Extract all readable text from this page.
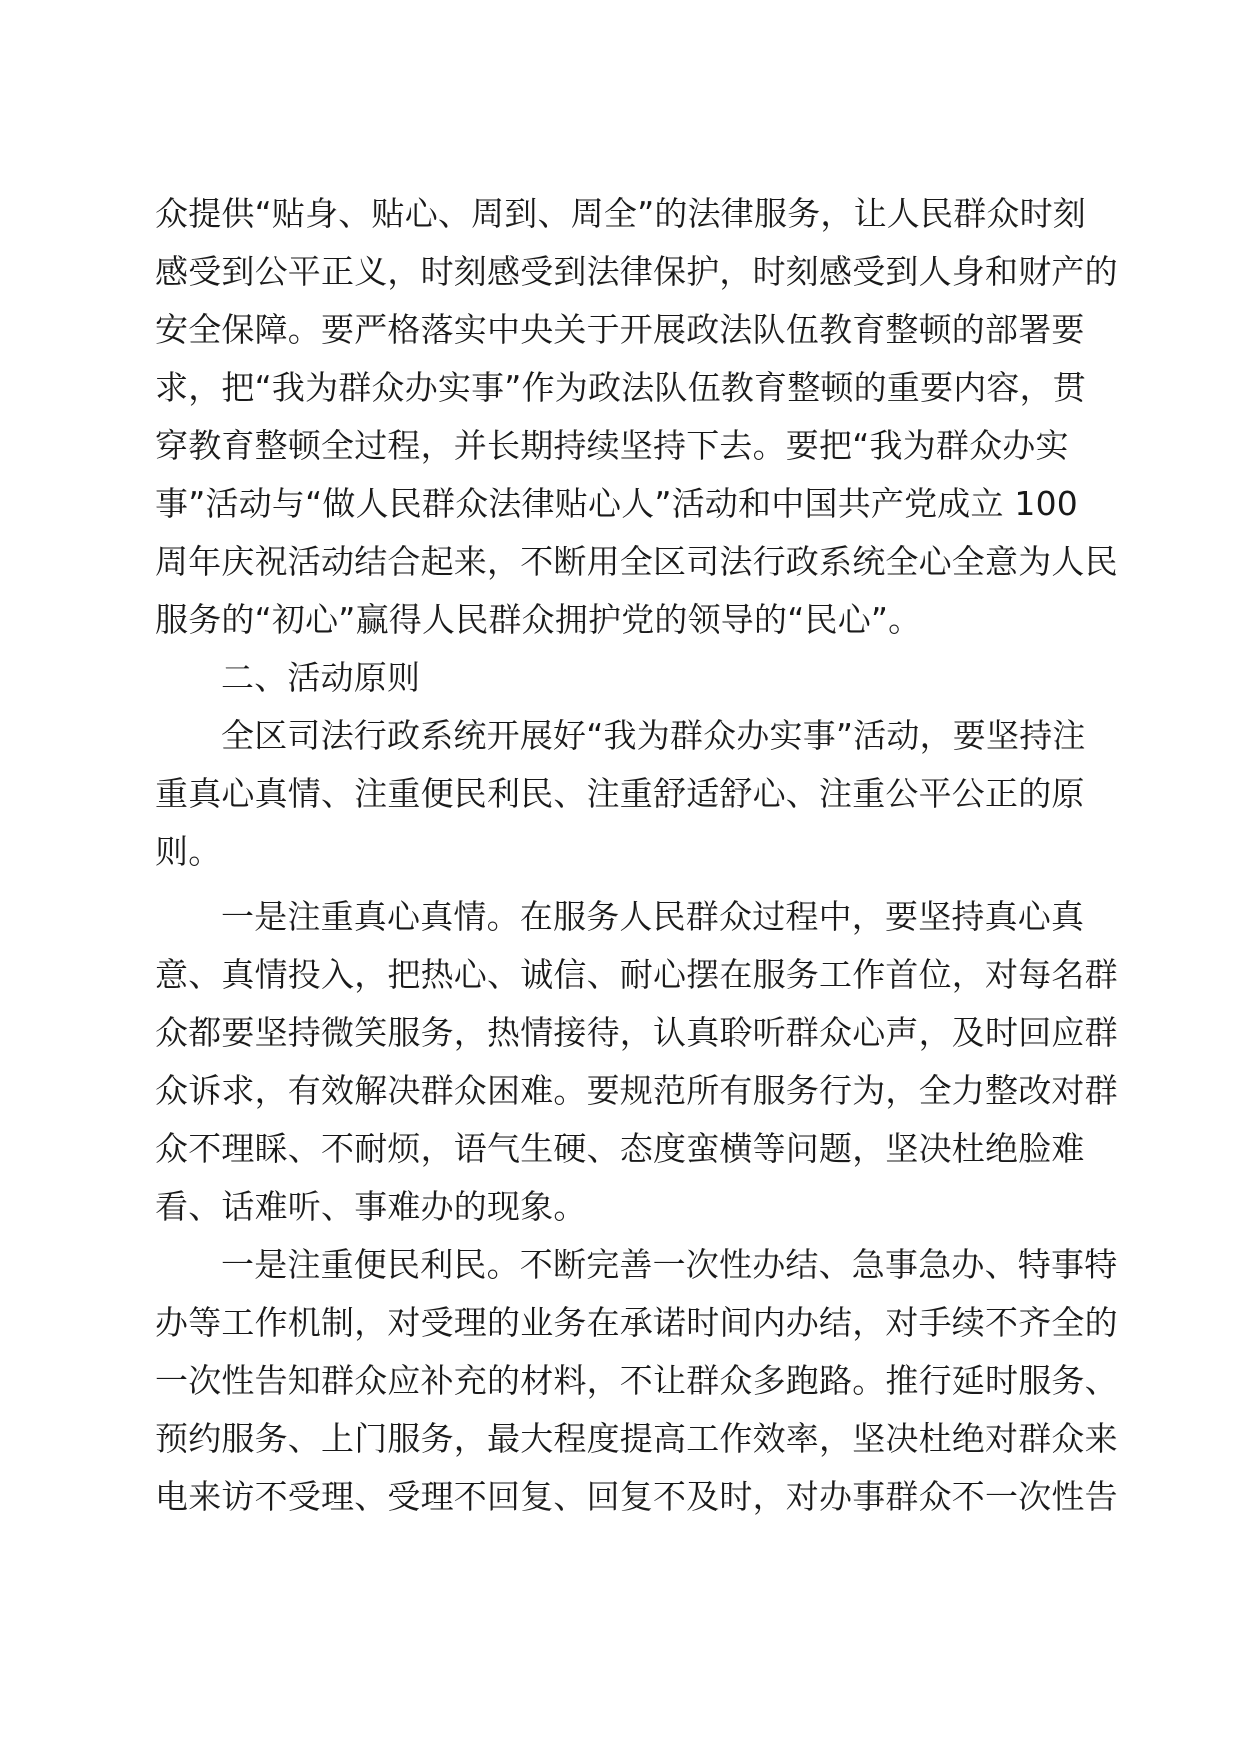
众提供“贴身、贴心、周到、周全”的法律服务，让人民群众时刻
感受到公平正义，时刻感受到法律保护，时刻感受到人身和财产的
安全保障。要严格落实中央关于开展政法队伍教育整顿的部署要
求，把“我为群众办实事”作为政法队伍教育整顿的重要内容，贯
穿教育整顿全过程，并长期持续坚持下去。要把“我为群众办实
事”活动与“做人民群众法律贴心人”活动和中国共产党成立 100
周年庆祝活动结合起来，不断用全区司法行政系统全心全意为人民
服务的“初心”赢得人民群众拥护党的领导的“民心”。
二、活动原则
全区司法行政系统开展好“我为群众办实事”活动，要坚持注
重真心真情、注重便民利民、注重舒适舒心、注重公平公正的原
则。
一是注重真心真情。在服务人民群众过程中，要坚持真心真
意、真情投入，把热心、诚信、耐心摆在服务工作首位，对每名群
众都要坚持微笑服务，热情接待，认真聆听群众心声，及时回应群
众诉求，有效解决群众困难。要规范所有服务行为，全力整改对群
众不理睬、不耐烦，语气生硬、态度蛮横等问题，坚决杜绝脸难
看、话难听、事难办的现象。
一是注重便民利民。不断完善一次性办结、急事急办、特事特
办等工作机制，对受理的业务在承诺时间内办结，对手续不齐全的
一次性告知群众应补充的材料，不让群众多跑路。推行延时服务、
预约服务、上门服务，最大程度提高工作效率，坚决杜绝对群众来
电来访不受理、受理不回复、回复不及时，对办事群众不一次性告
